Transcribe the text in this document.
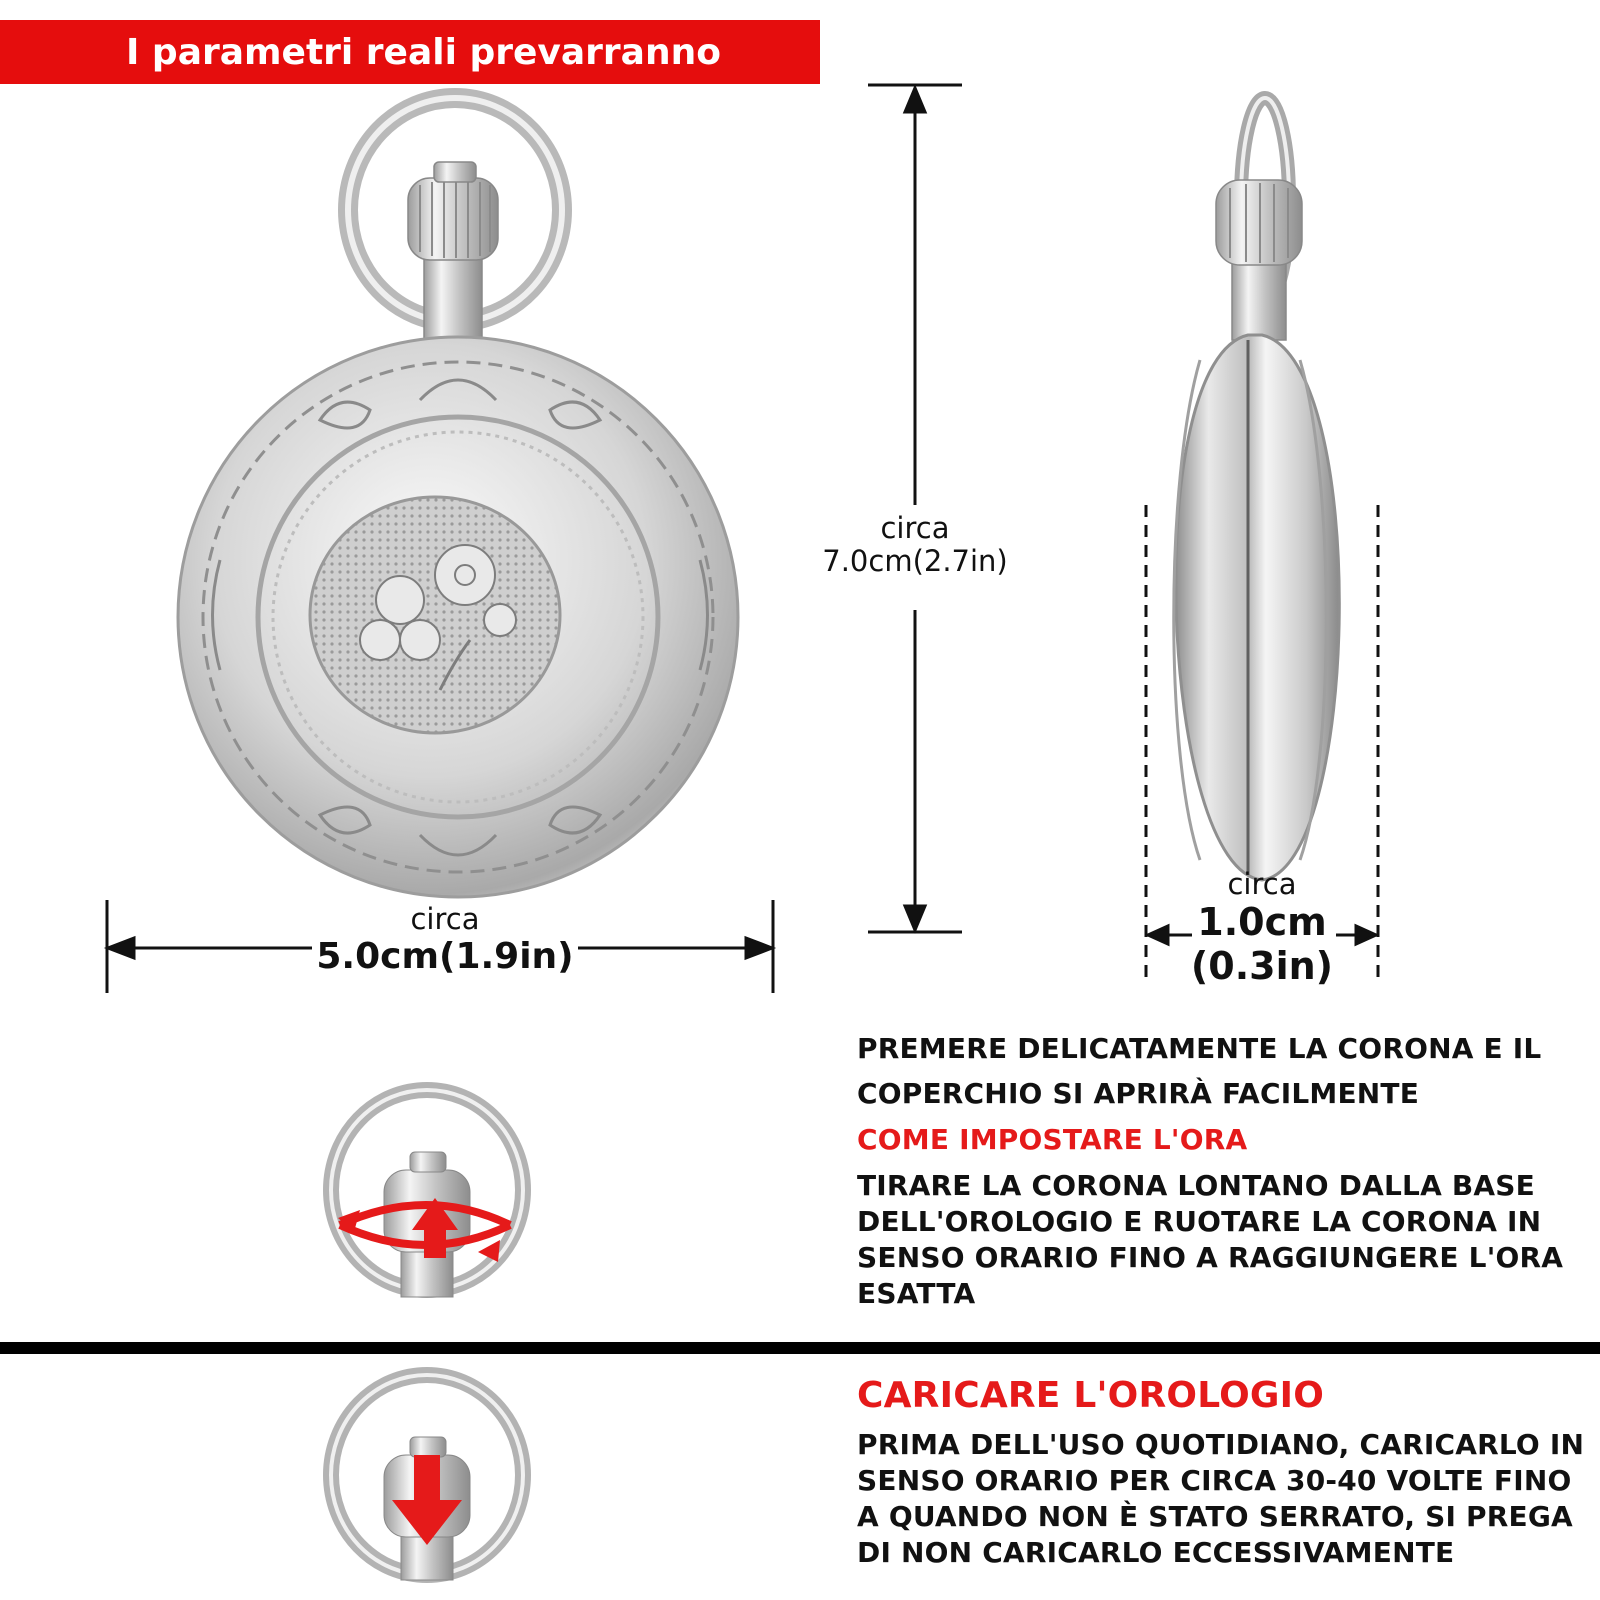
I parametri reali prevarranno
circa
7.0cm(2.7in)
circa
5.0cm(1.9in)
circa
1.0cm
(0.3in)
PREMERE DELICATAMENTE LA CORONA E IL COPERCHIO SI APRIRÀ FACILMENTE
COME IMPOSTARE L'ORA
TIRARE LA CORONA LONTANO DALLA BASE DELL'OROLOGIO E RUOTARE LA CORONA IN SENSO ORARIO FINO A RAGGIUNGERE L'ORA ESATTA
CARICARE L'OROLOGIO
PRIMA DELL'USO QUOTIDIANO, CARICARLO IN SENSO ORARIO PER CIRCA 30-40 VOLTE FINO A QUANDO NON È STATO SERRATO, SI PREGA DI NON CARICARLO ECCESSIVAMENTE
